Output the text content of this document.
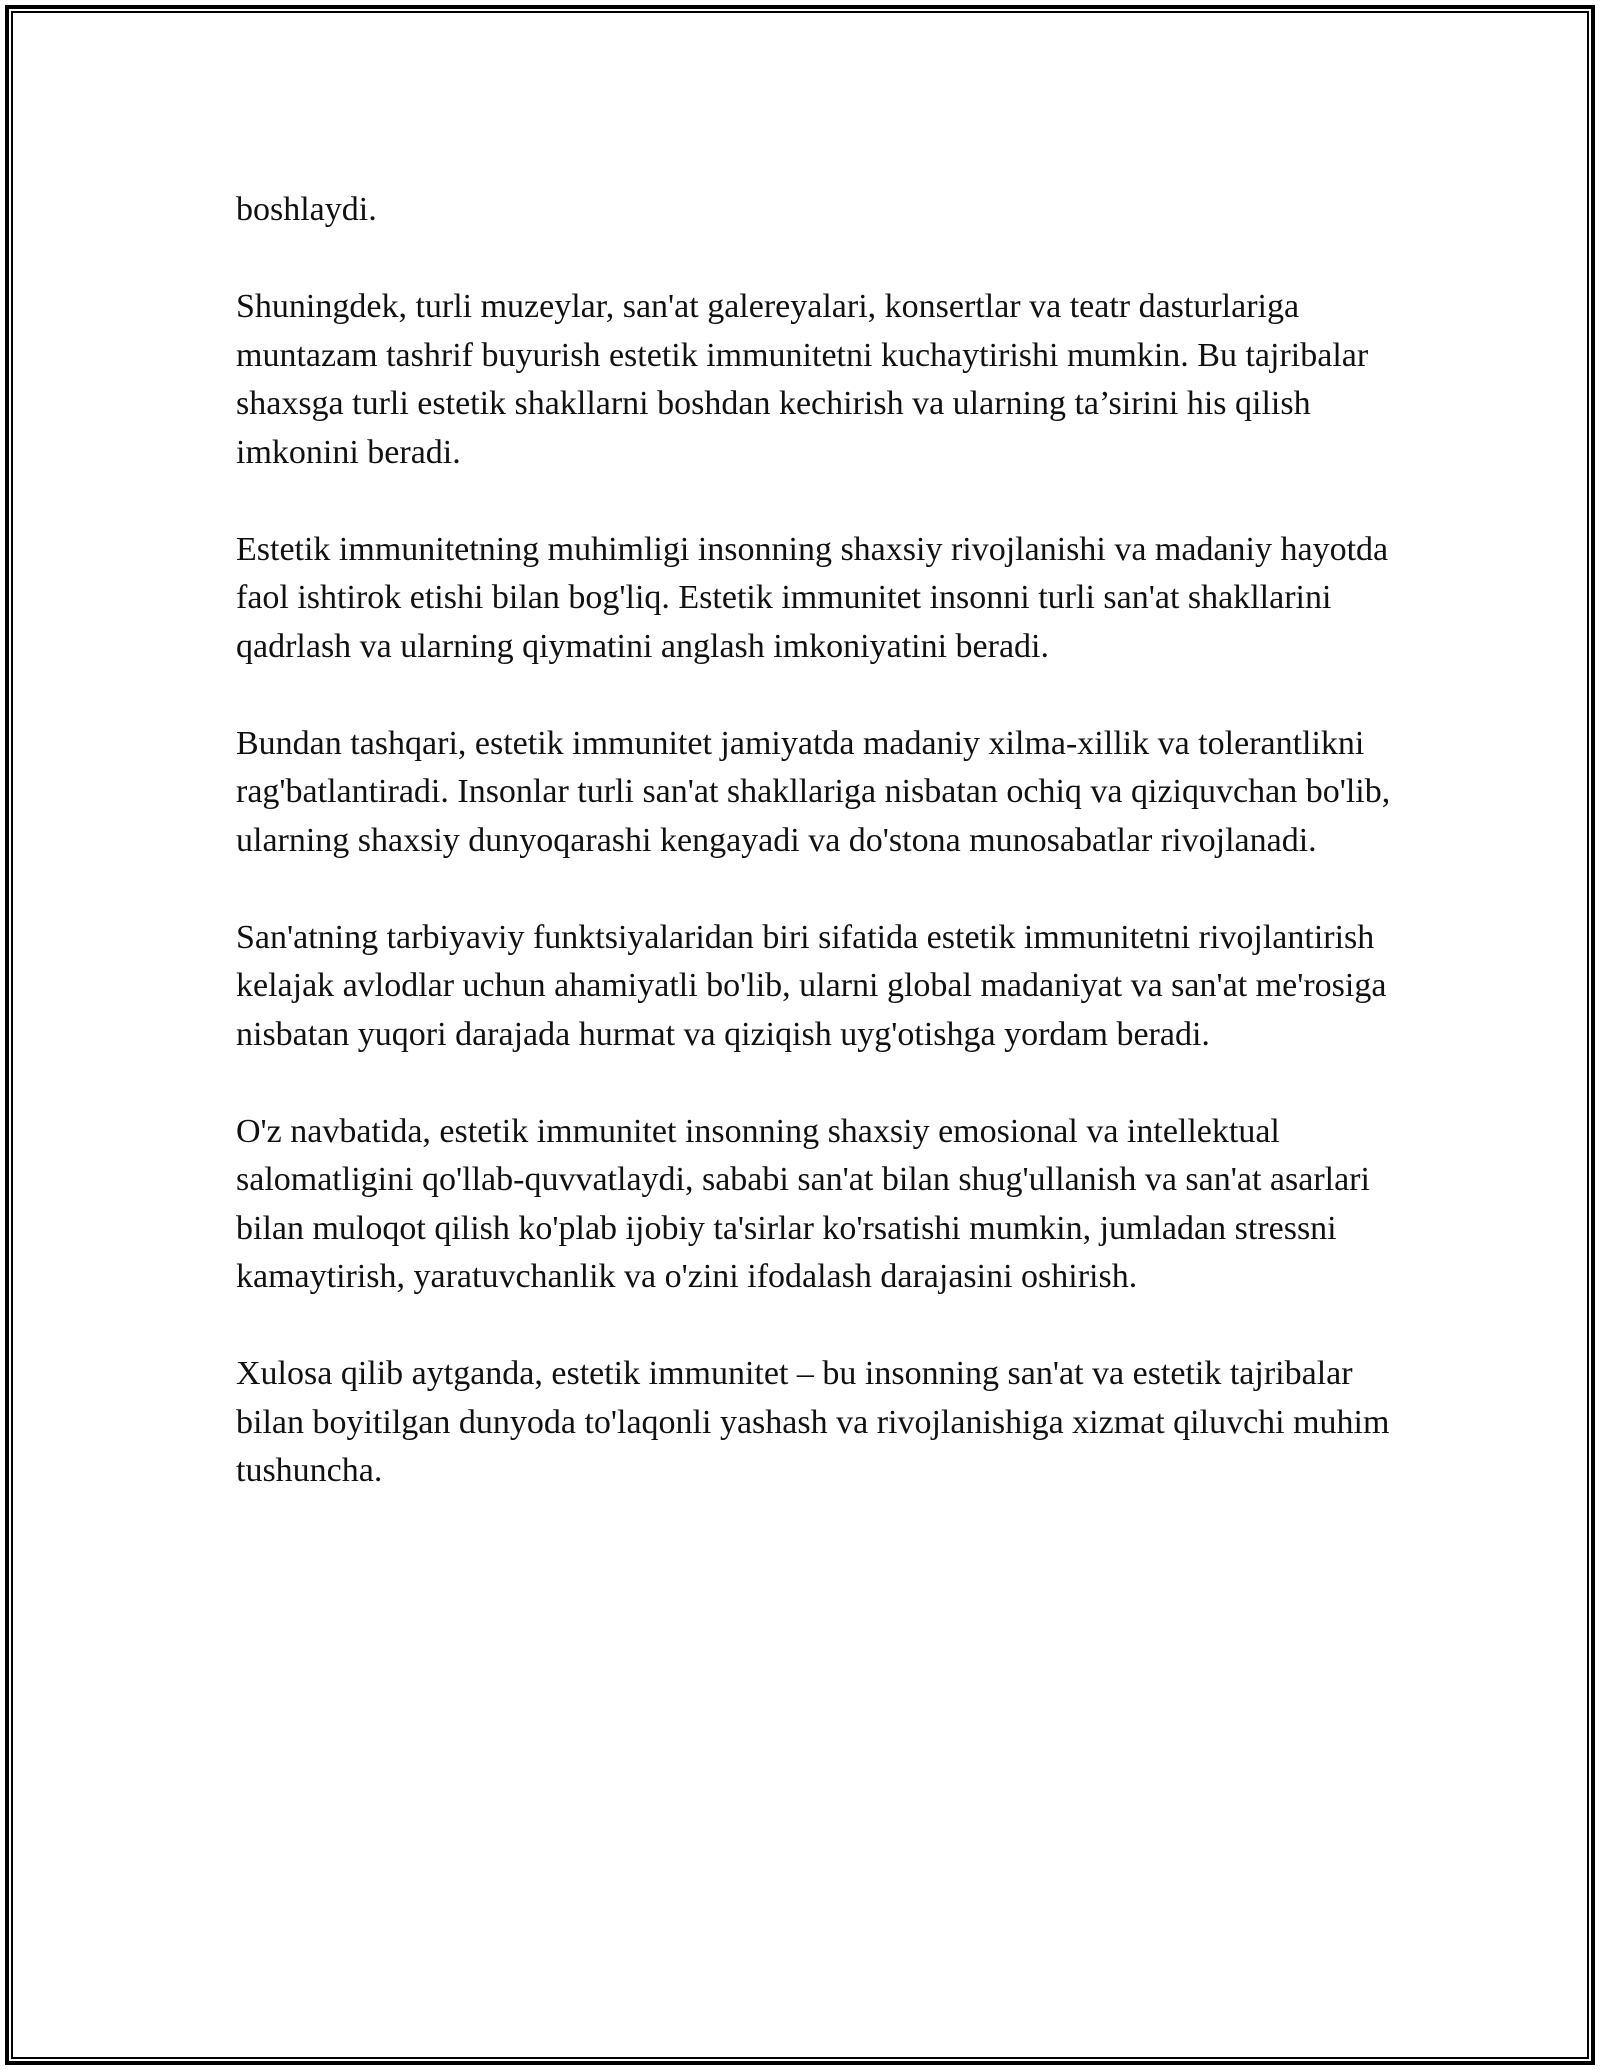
boshlaydi.

Shuningdek, turli muzeylar, san'at galereyalari, konsertlar va teatr dasturlariga muntazam tashrif buyurish estetik immunitetni kuchaytirishi mumkin. Bu tajribalar shaxsga turli estetik shakllarni boshdan kechirish va ularning ta’sirini his qilish imkonini beradi.

Estetik immunitetning muhimligi insonning shaxsiy rivojlanishi va madaniy hayotda faol ishtirok etishi bilan bog'liq. Estetik immunitet insonni turli san'at shakllarini qadrlash va ularning qiymatini anglash imkoniyatini beradi.

Bundan tashqari, estetik immunitet jamiyatda madaniy xilma-xillik va tolerantlikni rag'batlantiradi. Insonlar turli san'at shakllariga nisbatan ochiq va qiziquvchan bo'lib, ularning shaxsiy dunyoqarashi kengayadi va do'stona munosabatlar rivojlanadi.

San'atning tarbiyaviy funktsiyalaridan biri sifatida estetik immunitetni rivojlantirish kelajak avlodlar uchun ahamiyatli bo'lib, ularni global madaniyat va san'at me'rosiga nisbatan yuqori darajada hurmat va qiziqish uyg'otishga yordam beradi.

O'z navbatida, estetik immunitet insonning shaxsiy emosional va intellektual salomatligini qo'llab-quvvatlaydi, sababi san'at bilan shug'ullanish va san'at asarlari bilan muloqot qilish ko'plab ijobiy ta'sirlar ko'rsatishi mumkin, jumladan stressni kamaytirish, yaratuvchanlik va o'zini ifodalash darajasini oshirish.

Xulosa qilib aytganda, estetik immunitet – bu insonning san'at va estetik tajribalar bilan boyitilgan dunyoda to'laqonli yashash va rivojlanishiga xizmat qiluvchi muhim tushuncha.
